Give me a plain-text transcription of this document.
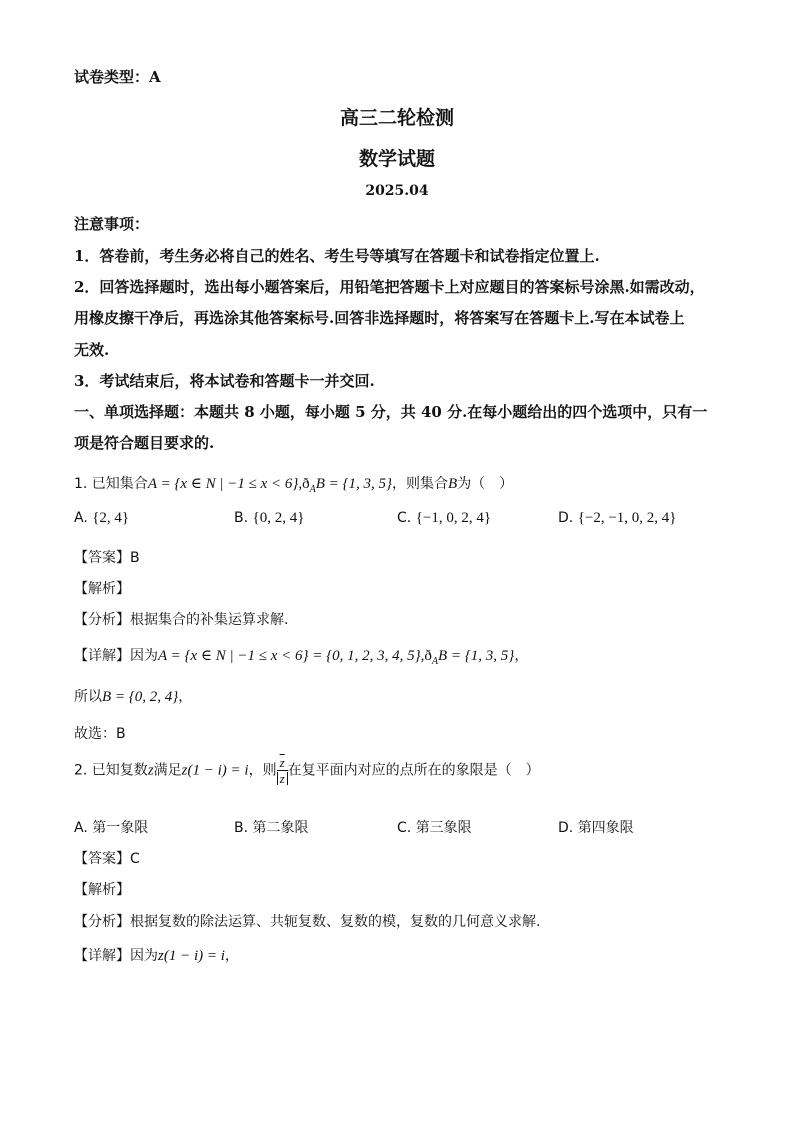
试卷类型：A
高三二轮检测
数学试题
2025.04
注意事项：
1．答卷前，考生务必将自己的姓名、考生号等填写在答题卡和试卷指定位置上.
2．回答选择题时，选出每小题答案后，用铅笔把答题卡上对应题目的答案标号涂黑.如需改动，
用橡皮擦干净后，再选涂其他答案标号.回答非选择题时，将答案写在答题卡上.写在本试卷上
无效.
3．考试结束后，将本试卷和答题卡一并交回.
一、单项选择题：本题共 8 小题，每小题 5 分，共 40 分.在每小题给出的四个选项中，只有一
项是符合题目要求的.
1. 已知集合A = {x ∈ N | $-1 \le x < 6\},ð_AB = \{1$, 3, 5}，则集合B为（　）
A. {2, 4}	B. {0, 2, 4}	C. {−1, 0, 2, 4}	D. {−2, −1, 0, 2, 4}
【答案】B
【解析】
【分析】根据集合的补集运算求解.
【详解】因为A = {x ∈ N | −1 ≤ x < 6} = {0, 1, 2, 3, 4, $5\},ð_AB = \{1$, 3, 5}，
所以B = {0, 2, 4}，
故选：B
2. 已知复数z满足z(1 − i) = i，则 $\frac{\overline{z}}{z}$ 在复平面内对应的点所在的象限是（　）
A. 第一象限	B. 第二象限	C. 第三象限	D. 第四象限
【答案】C
【解析】
【分析】根据复数的除法运算、共轭复数、复数的模，复数的几何意义求解.
【详解】因为z(1 − i) = i，
